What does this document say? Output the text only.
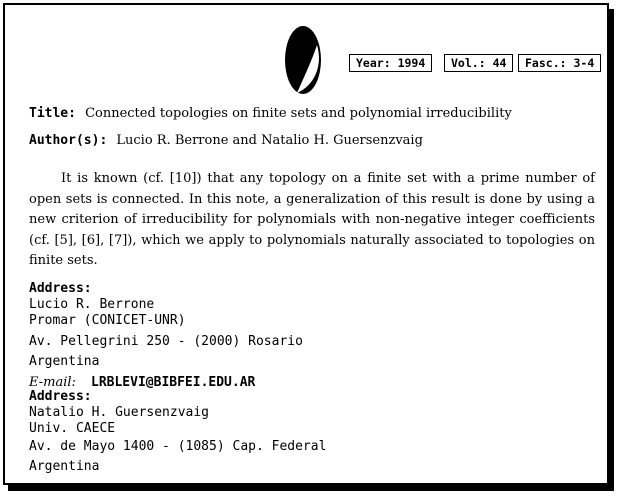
Year: 1994	Vol.: 44	Fasc.: 3-4
Title: Connected topologies on finite sets and polynomial irreducibility
Author(s): Lucio R. Berrone and Natalio H. Guersenzvaig

It is known (cf. [10]) that any topology on a finite set with a prime number of open sets is connected. In this note, a generalization of this result is done by using a new criterion of irreducibility for polynomials with non-negative integer coefficients (cf. [5], [6], [7]), which we apply to polynomials naturally associated to topologies on finite sets.

Address:
Lucio R. Berrone
Promar (CONICET-UNR)
Av. Pellegrini 250 - (2000) Rosario
Argentina
E-mail: LRBLEVI@BIBFEI.EDU.AR
Address:
Natalio H. Guersenzvaig
Univ. CAECE
Av. de Mayo 1400 - (1085) Cap. Federal
Argentina
